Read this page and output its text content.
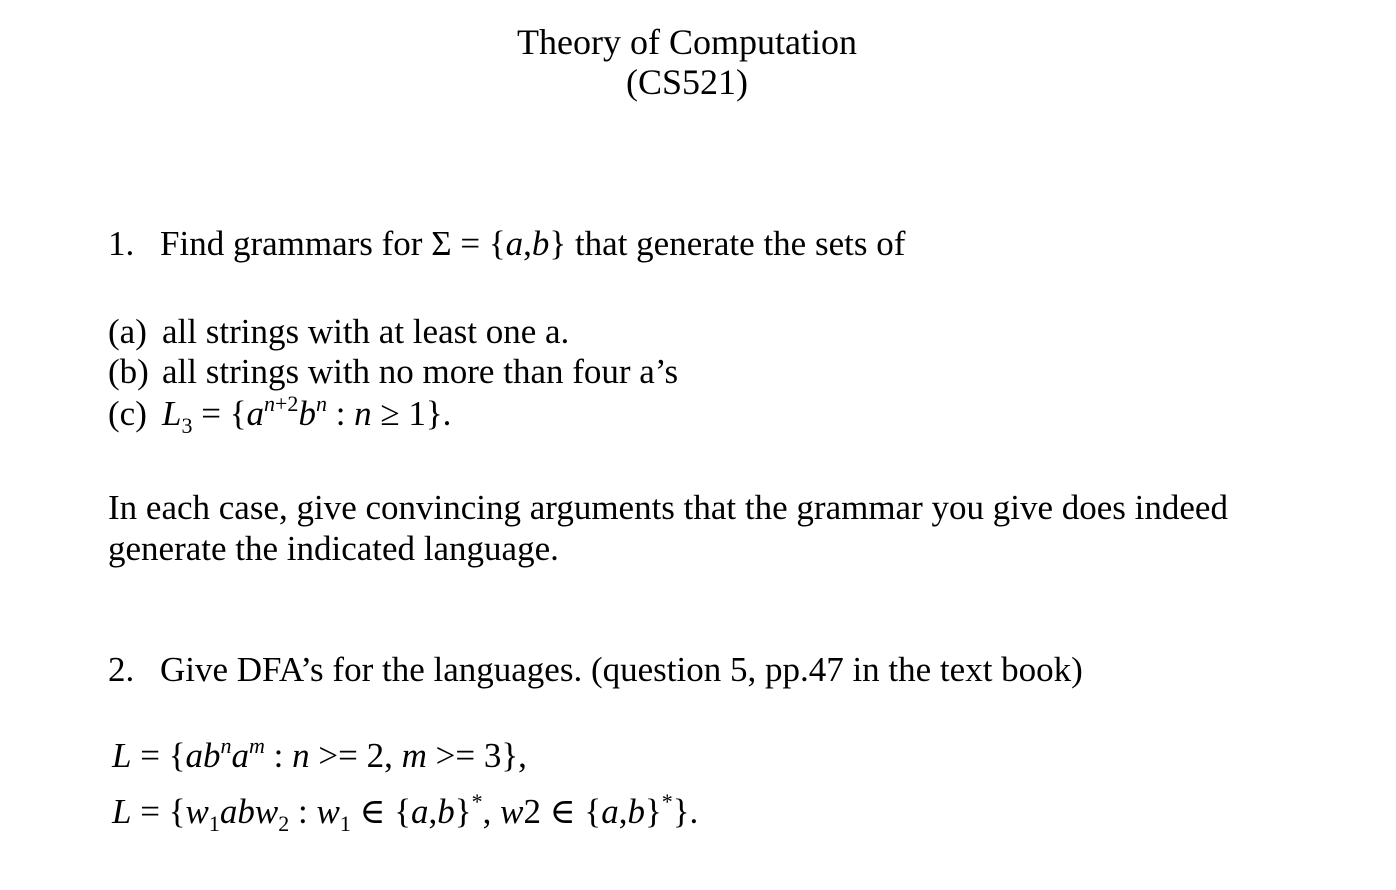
Theory of Computation
(CS521)
1. Find grammars for Σ = {a,b} that generate the sets of
(a) all strings with at least one a.
(b) all strings with no more than four a’s
(c) $L_3 = \{a^{n+2}b^n$ : n ≥ 1}.
In each case, give convincing arguments that the grammar you give does indeed
generate the indicated language.
2. Give DFA’s for the languages. (question 5, pp.47 in the text book)
$L = \{ab^na^m$ : n >= 2, m >= 3},
$L = \{w_1abw_2$ : $w_1$ ∈ {a,b}*, w2 ∈ {a,b}*}.
